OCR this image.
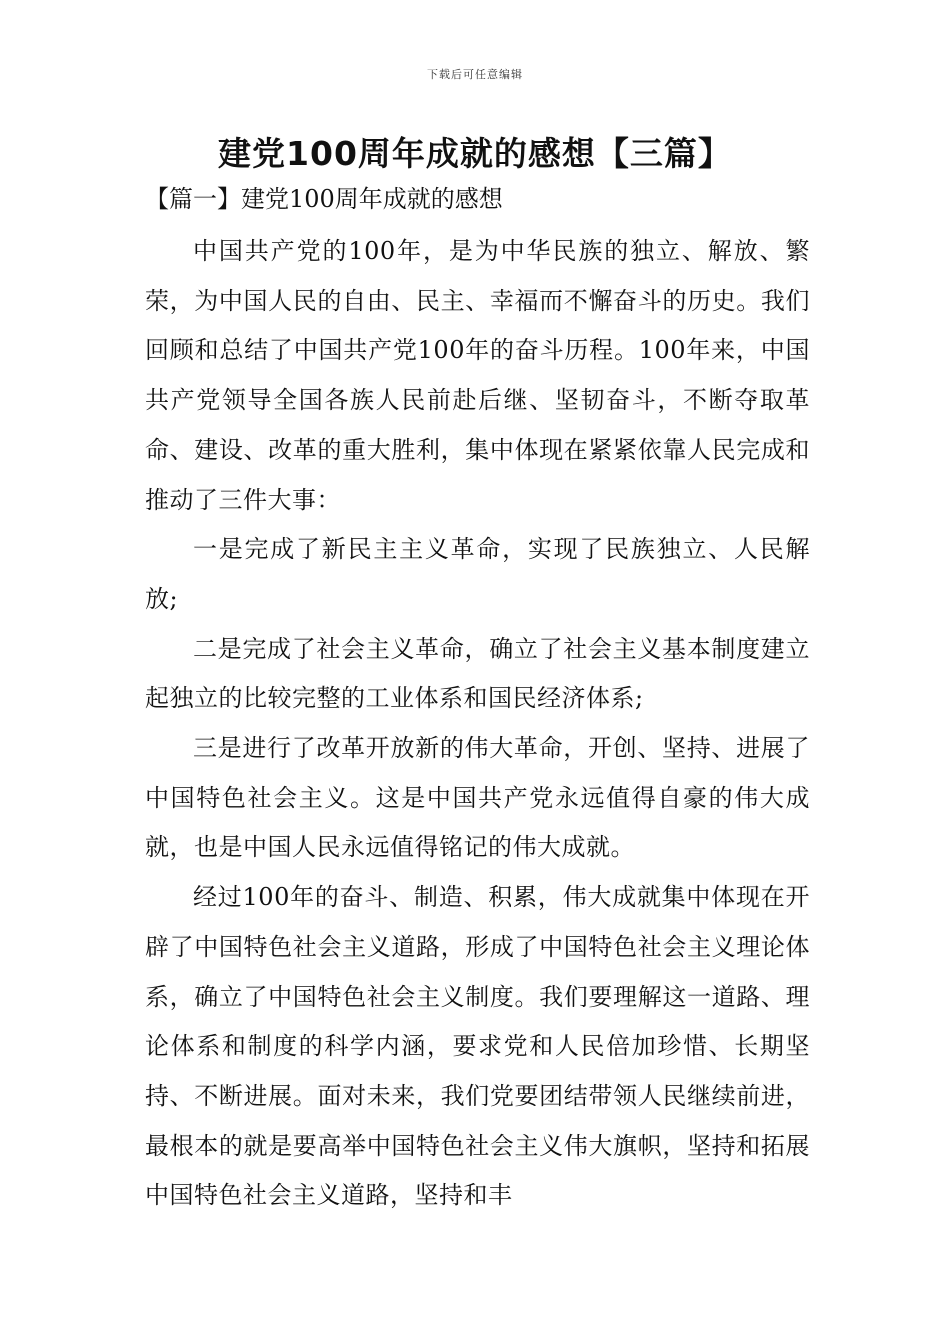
下载后可任意编辑
建党100周年成就的感想【三篇】

【篇一】建党100周年成就的感想

中国共产党的100年，是为中华民族的独立、解放、繁荣，为中国人民的自由、民主、幸福而不懈奋斗的历史。我们回顾和总结了中国共产党100年的奋斗历程。100年来，中国共产党领导全国各族人民前赴后继、坚韧奋斗，不断夺取革命、建设、改革的重大胜利，集中体现在紧紧依靠人民完成和推动了三件大事：

一是完成了新民主主义革命，实现了民族独立、人民解放;

二是完成了社会主义革命，确立了社会主义基本制度建立起独立的比较完整的工业体系和国民经济体系;

三是进行了改革开放新的伟大革命，开创、坚持、进展了中国特色社会主义。这是中国共产党永远值得自豪的伟大成就，也是中国人民永远值得铭记的伟大成就。

经过100年的奋斗、制造、积累，伟大成就集中体现在开辟了中国特色社会主义道路，形成了中国特色社会主义理论体系，确立了中国特色社会主义制度。我们要理解这一道路、理论体系和制度的科学内涵，要求党和人民倍加珍惜、长期坚持、不断进展。面对未来，我们党要团结带领人民继续前进，最根本的就是要高举中国特色社会主义伟大旗帜，坚持和拓展中国特色社会主义道路，坚持和丰
